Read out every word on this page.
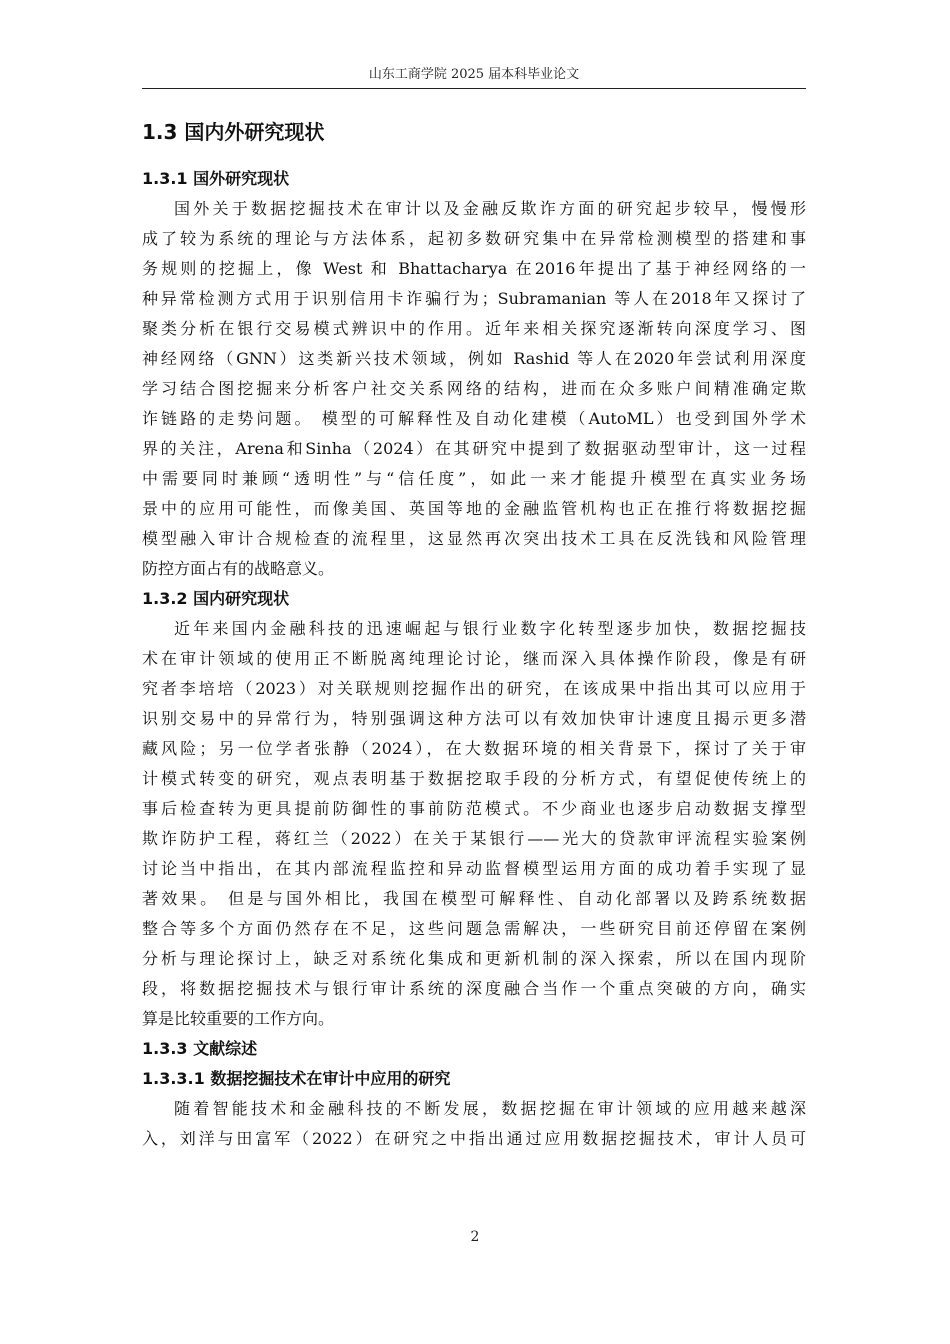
山东工商学院 2025 届本科毕业论文
1.3 国内外研究现状
1.3.1 国外研究现状
国外关于数据挖掘技术在审计以及金融反欺诈方面的研究起步较早，慢慢形
成了较为系统的理论与方法体系，起初多数研究集中在异常检测模型的搭建和事
务规则的挖掘上，像 West 和 Bhattacharya 在2016年提出了基于神经网络的一
种异常检测方式用于识别信用卡诈骗行为；Subramanian 等人在2018年又探讨了
聚类分析在银行交易模式辨识中的作用。近年来相关探究逐渐转向深度学习、图
神经网络（GNN）这类新兴技术领域，例如 Rashid 等人在2020年尝试利用深度
学习结合图挖掘来分析客户社交关系网络的结构，进而在众多账户间精准确定欺
诈链路的走势问题。 模型的可解释性及自动化建模（AutoML）也受到国外学术
界的关注，Arena和Sinha（2024）在其研究中提到了数据驱动型审计，这一过程
中需要同时兼顾“透明性”与“信任度”，如此一来才能提升模型在真实业务场
景中的应用可能性，而像美国、英国等地的金融监管机构也正在推行将数据挖掘
模型融入审计合规检查的流程里，这显然再次突出技术工具在反洗钱和风险管理
防控方面占有的战略意义。
1.3.2 国内研究现状
近年来国内金融科技的迅速崛起与银行业数字化转型逐步加快，数据挖掘技
术在审计领域的使用正不断脱离纯理论讨论，继而深入具体操作阶段，像是有研
究者李培培（2023）对关联规则挖掘作出的研究，在该成果中指出其可以应用于
识别交易中的异常行为，特别强调这种方法可以有效加快审计速度且揭示更多潜
藏风险；另一位学者张静（2024），在大数据环境的相关背景下，探讨了关于审
计模式转变的研究，观点表明基于数据挖取手段的分析方式，有望促使传统上的
事后检查转为更具提前防御性的事前防范模式。不少商业也逐步启动数据支撑型
欺诈防护工程，蒋红兰（2022）在关于某银行——光大的贷款审评流程实验案例
讨论当中指出，在其内部流程监控和异动监督模型运用方面的成功着手实现了显
著效果。 但是与国外相比，我国在模型可解释性、自动化部署以及跨系统数据
整合等多个方面仍然存在不足，这些问题急需解决，一些研究目前还停留在案例
分析与理论探讨上，缺乏对系统化集成和更新机制的深入探索，所以在国内现阶
段，将数据挖掘技术与银行审计系统的深度融合当作一个重点突破的方向，确实
算是比较重要的工作方向。
1.3.3 文献综述
1.3.3.1 数据挖掘技术在审计中应用的研究
随着智能技术和金融科技的不断发展，数据挖掘在审计领域的应用越来越深
入，刘洋与田富军（2022）在研究之中指出通过应用数据挖掘技术，审计人员可
2
